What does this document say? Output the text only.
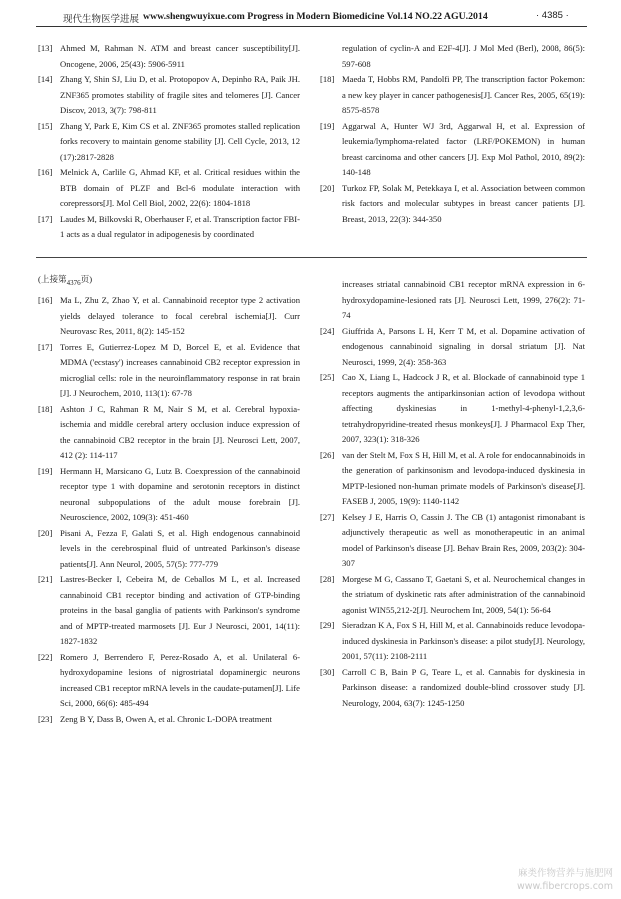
现代生物医学进展 www.shengwuyixue.com Progress in Modern Biomedicine Vol.14 NO.22 AGU.2014	· 4385 ·
[13] Ahmed M, Rahman N. ATM and breast cancer susceptibility[J]. Oncogene, 2006, 25(43): 5906-5911
[14] Zhang Y, Shin SJ, Liu D, et al. Protopopov A, Depinho RA, Paik JH. ZNF365 promotes stability of fragile sites and telomeres [J]. Cancer Discov, 2013, 3(7): 798-811
[15] Zhang Y, Park E, Kim CS et al. ZNF365 promotes stalled replication forks recovery to maintain genome stability [J]. Cell Cycle, 2013, 12 (17):2817-2828
[16] Melnick A, Carlile G, Ahmad KF, et al. Critical residues within the BTB domain of PLZF and Bcl-6 modulate interaction with corepressors[J]. Mol Cell Biol, 2002, 22(6): 1804-1818
[17] Laudes M, Bilkovski R, Oberhauser F, et al. Transcription factor FBI-1 acts as a dual regulator in adipogenesis by coordinated
regulation of cyclin-A and E2F-4[J]. J Mol Med (Berl), 2008, 86(5): 597-608
[18] Maeda T, Hobbs RM, Pandolfi PP, The transcription factor Pokemon: a new key player in cancer pathogenesis[J]. Cancer Res, 2005, 65(19): 8575-8578
[19] Aggarwal A, Hunter WJ 3rd, Aggarwal H, et al. Expression of leukemia/lymphoma-related factor (LRF/POKEMON) in human breast carcinoma and other cancers [J]. Exp Mol Pathol, 2010, 89(2): 140-148
[20] Turkoz FP, Solak M, Petekkaya I, et al. Association between common risk factors and molecular subtypes in breast cancer patients [J]. Breast, 2013, 22(3): 344-350
(上接第$_{4376}$页)
[16] Ma L, Zhu Z, Zhao Y, et al. Cannabinoid receptor type 2 activation yields delayed tolerance to focal cerebral ischemia[J]. Curr Neurovasc Res, 2011, 8(2): 145-152
[17] Torres E, Gutierrez-Lopez M D, Borcel E, et al. Evidence that MDMA ('ecstasy') increases cannabinoid CB2 receptor expression in microglial cells: role in the neuroinflammatory response in rat brain [J]. J Neurochem, 2010, 113(1): 67-78
[18] Ashton J C, Rahman R M, Nair S M, et al. Cerebral hypoxia-ischemia and middle cerebral artery occlusion induce expression of the cannabinoid CB2 receptor in the brain [J]. Neurosci Lett, 2007, 412 (2): 114-117
[19] Hermann H, Marsicano G, Lutz B. Coexpression of the cannabinoid receptor type 1 with dopamine and serotonin receptors in distinct neuronal subpopulations of the adult mouse forebrain [J]. Neuroscience, 2002, 109(3): 451-460
[20] Pisani A, Fezza F, Galati S, et al. High endogenous cannabinoid levels in the cerebrospinal fluid of untreated Parkinson's disease patients[J]. Ann Neurol, 2005, 57(5): 777-779
[21] Lastres-Becker I, Cebeira M, de Ceballos M L, et al. Increased cannabinoid CB1 receptor binding and activation of GTP-binding proteins in the basal ganglia of patients with Parkinson's syndrome and of MPTP-treated marmosets [J]. Eur J Neurosci, 2001, 14(11): 1827-1832
[22] Romero J, Berrendero F, Perez-Rosado A, et al. Unilateral 6-hydroxydopamine lesions of nigrostriatal dopaminergic neurons increased CB1 receptor mRNA levels in the caudate-putamen[J]. Life Sci, 2000, 66(6): 485-494
[23] Zeng B Y, Dass B, Owen A, et al. Chronic L-DOPA treatment
increases striatal cannabinoid CB1 receptor mRNA expression in 6-hydroxydopamine-lesioned rats [J]. Neurosci Lett, 1999, 276(2): 71-74
[24] Giuffrida A, Parsons L H, Kerr T M, et al. Dopamine activation of endogenous cannabinoid signaling in dorsal striatum [J]. Nat Neurosci, 1999, 2(4): 358-363
[25] Cao X, Liang L, Hadcock J R, et al. Blockade of cannabinoid type 1 receptors augments the antiparkinsonian action of levodopa without affecting dyskinesias in 1-methyl-4-phenyl-1,2,3,6-tetrahydropyridine-treated rhesus monkeys[J]. J Pharmacol Exp Ther, 2007, 323(1): 318-326
[26] van der Stelt M, Fox S H, Hill M, et al. A role for endocannabinoids in the generation of parkinsonism and levodopa-induced dyskinesia in MPTP-lesioned non-human primate models of Parkinson's disease[J]. FASEB J, 2005, 19(9): 1140-1142
[27] Kelsey J E, Harris O, Cassin J. The CB (1) antagonist rimonabant is adjunctively therapeutic as well as monotherapeutic in an animal model of Parkinson's disease [J]. Behav Brain Res, 2009, 203(2): 304-307
[28] Morgese M G, Cassano T, Gaetani S, et al. Neurochemical changes in the striatum of dyskinetic rats after administration of the cannabinoid agonist WIN55,212-2[J]. Neurochem Int, 2009, 54(1): 56-64
[29] Sieradzan K A, Fox S H, Hill M, et al. Cannabinoids reduce levodopa-induced dyskinesia in Parkinson's disease: a pilot study[J]. Neurology, 2001, 57(11): 2108-2111
[30] Carroll C B, Bain P G, Teare L, et al. Cannabis for dyskinesia in Parkinson disease: a randomized double-blind crossover study [J]. Neurology, 2004, 63(7): 1245-1250
麻类作物营养与施肥网
www.fibercrops.com
